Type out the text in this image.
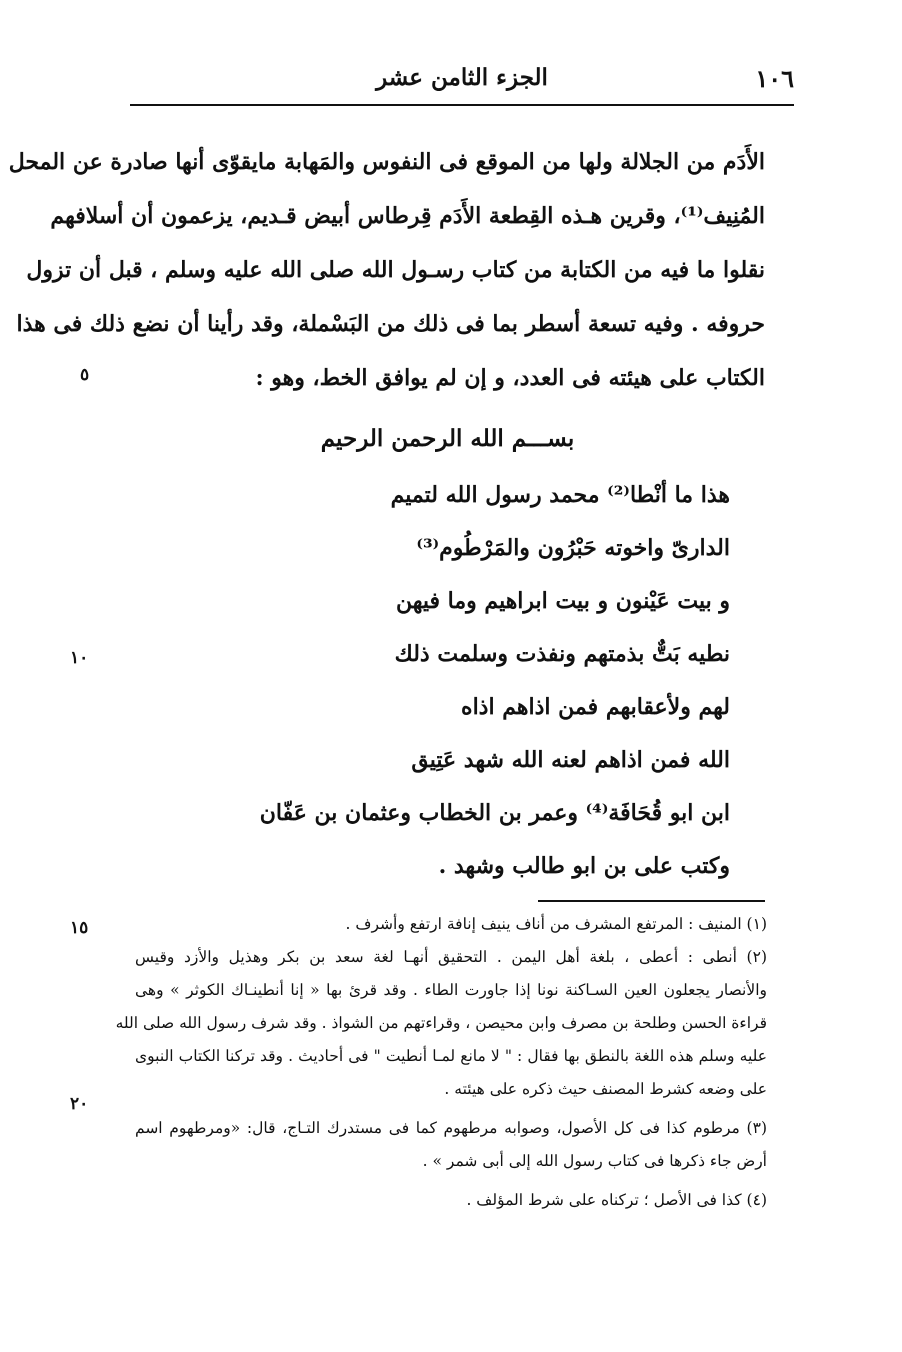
١٠٦
الجزء الثامن عشر
الأَدَم من الجلالة ولها من الموقع فى النفوس والمَهابة مايقوّى أنها صادرة عن المحل
المُنِيف⁽¹⁾، وقرين هـذه القِطعة الأَدَم قِرطاس أبيض قـديم، يزعمون أن أسلافهم
نقلوا ما فيه من الكتابة من كتاب رسـول الله صلى الله عليه وسلم ، قبل أن تزول
حروفه . وفيه تسعة أسطر بما فى ذلك من البَسْملة، وقد رأينا أن نضع ذلك فى هذا
الكتاب على هيئته فى العدد، و إن لم يوافق الخط، وهو :
بســـم الله الرحمن الرحيم
هذا ما أنْطا⁽²⁾ محمد رسول الله لتميم
الدارىّ واخوته حَبْرُون والمَرْطُوم⁽³⁾
و بيت عَيْنون و بيت ابراهيم وما فيهن
نطيه بَتٌّ بذمتهم ونفذت وسلمت ذلك
لهم ولأعقابهم فمن اذاهم اذاه
الله فمن اذاهم لعنه الله شهد عَتِيق
ابن ابو قُحَافَة⁽⁴⁾ وعمر بن الخطاب وعثمان بن عَفّان
وكتب على بن ابو طالب وشهد .
٥
١٠
١٥
٢٠
(١) المنيف : المرتفع المشرف من أناف ينيف إنافة ارتفع وأشرف .
(٢) أنطى : أعطى ، بلغة أهل اليمن . التحقيق أنهـا لغة سعد بن بكر وهذيل والأزد وقيس
والأنصار يجعلون العين السـاكنة نونا إذا جاورت الطاء . وقد قرئ بها « إنا أنطينـاك الكوثر » وهى
قراءة الحسن وطلحة بن مصرف وابن محيصن ، وقراءتهم من الشواذ . وقد شرف رسول الله صلى الله
عليه وسلم هذه اللغة بالنطق بها فقال : " لا مانع لمـا أنطيت " فى أحاديث . وقد تركنا الكتاب النبوى
على وضعه كشرط المصنف حيث ذكره على هيئته .
(٣) مرطوم كذا فى كل الأصول، وصوابه مرطهوم كما فى مستدرك التـاج، قال: «ومرطهوم اسم
أرض جاء ذكرها فى كتاب رسول الله إلى أبى شمر » .
(٤) كذا فى الأصل ؛ تركناه على شرط المؤلف .
